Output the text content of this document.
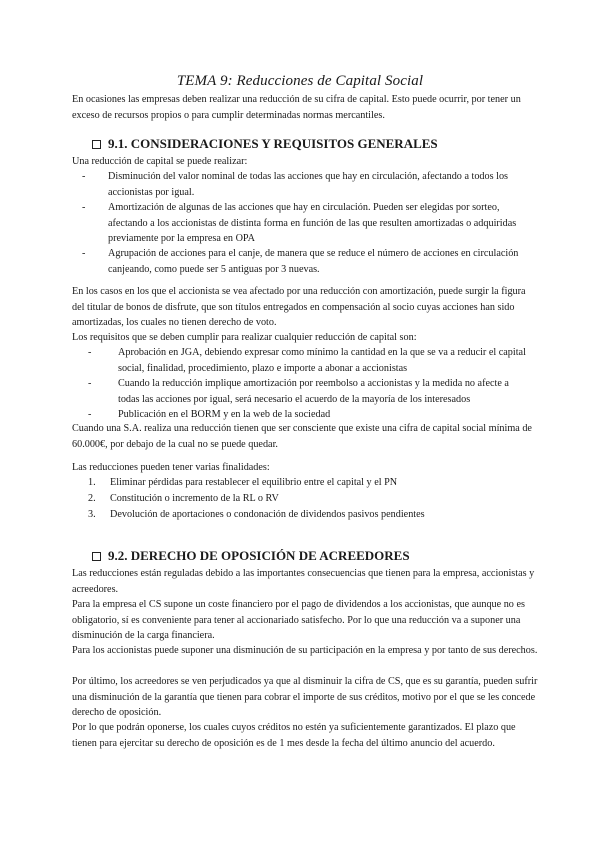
TEMA 9: Reducciones de Capital Social

En ocasiones las empresas deben realizar una reducción de su cifra de capital. Esto puede ocurrir, por tener un exceso de recursos propios o para cumplir determinadas normas mercantiles.

9.1. CONSIDERACIONES Y REQUISITOS GENERALES

Una reducción de capital se puede realizar:

-	Disminución del valor nominal de todas las acciones que hay en circulación, afectando a todos los accionistas por igual.
-	Amortización de algunas de las acciones que hay en circulación. Pueden ser elegidas por sorteo, afectando a los accionistas de distinta forma en función de las que resulten amortizadas o adquiridas previamente por la empresa en OPA
-	Agrupación de acciones para el canje, de manera que se reduce el número de acciones en circulación canjeando, como puede ser 5 antiguas por 3 nuevas.

En los casos en los que el accionista se vea afectado por una reducción con amortización, puede surgir la figura del titular de bonos de disfrute, que son títulos entregados en compensación al socio cuyas acciones han sido amortizadas, los cuales no tienen derecho de voto.

Los requisitos que se deben cumplir para realizar cualquier reducción de capital son:

-	Aprobación en JGA, debiendo expresar como mínimo la cantidad en la que se va a reducir el capital social, finalidad, procedimiento, plazo e importe a abonar a accionistas
-	Cuando la reducción implique amortización por reembolso a accionistas y la medida no afecte a todas las acciones por igual, será necesario el acuerdo de la mayoría de los interesados
-	Publicación en el BORM y en la web de la sociedad

Cuando una S.A. realiza una reducción tienen que ser consciente que existe una cifra de capital social mínima de 60.000€, por debajo de la cual no se puede quedar.

Las reducciones pueden tener varias finalidades:

1.	Eliminar pérdidas para restablecer el equilibrio entre el capital y el PN
2.	Constitución o incremento de la RL o RV
3.	Devolución de aportaciones o condonación de dividendos pasivos pendientes
9.2. DERECHO DE OPOSICIÓN DE ACREEDORES

Las reducciones están reguladas debido a las importantes consecuencias que tienen para la empresa, accionistas y acreedores.

Para la empresa el CS supone un coste financiero por el pago de dividendos a los accionistas, que aunque no es obligatorio, sí es conveniente para tener al accionariado satisfecho. Por lo que una reducción va a suponer una disminución de la carga financiera.

Para los accionistas puede suponer una disminución de su participación en la empresa y por tanto de sus derechos.

Por último, los acreedores se ven perjudicados ya que al disminuir la cifra de CS, que es su garantía, pueden sufrir una disminución de la garantía que tienen para cobrar el importe de sus créditos, motivo por el que se les concede derecho de oposición.

Por lo que podrán oponerse, los cuales cuyos créditos no estén ya suficientemente garantizados. El plazo que tienen para ejercitar su derecho de oposición es de 1 mes desde la fecha del último anuncio del acuerdo.
